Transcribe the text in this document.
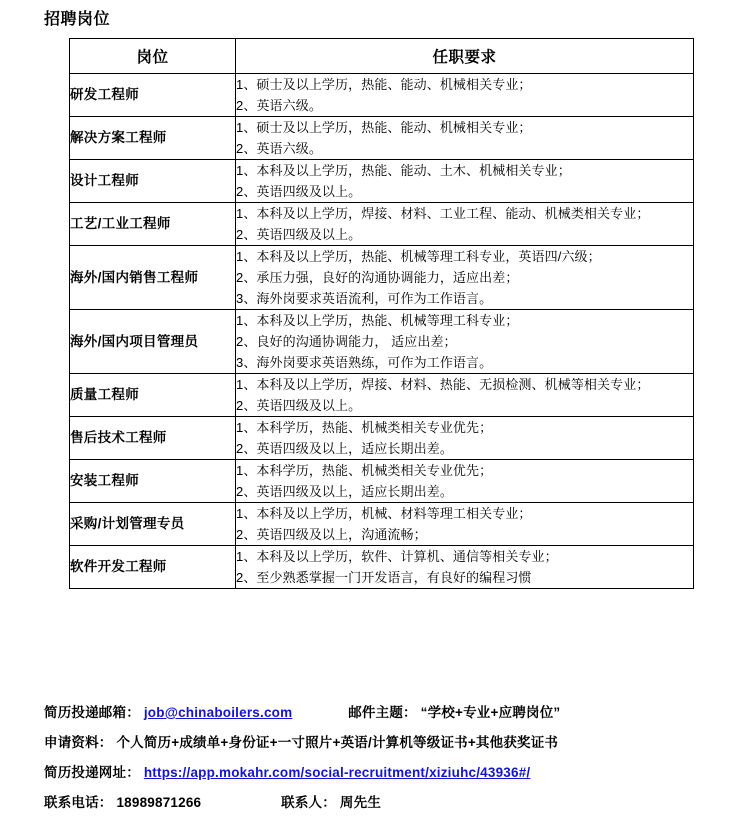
招聘岗位
岗位	任职要求
研发工程师	1、硕士及以上学历，热能、能动、机械相关专业；
2、英语六级。

解决方案工程师	1、硕士及以上学历，热能、能动、机械相关专业；
2、英语六级。

设计工程师	1、本科及以上学历，热能、能动、土木、机械相关专业；
2、英语四级及以上。

工艺/工业工程师	1、本科及以上学历，焊接、材料、工业工程、能动、机械类相关专业；
2、英语四级及以上。

海外/国内销售工程师	1、本科及以上学历，热能、机械等理工科专业，英语四/六级；
2、承压力强，良好的沟通协调能力，适应出差；
3、海外岗要求英语流利，可作为工作语言。

海外/国内项目管理员	1、本科及以上学历，热能、机械等理工科专业；
2、良好的沟通协调能力， 适应出差；
3、海外岗要求英语熟练，可作为工作语言。

质量工程师	1、本科及以上学历，焊接、材料、热能、无损检测、机械等相关专业；
2、英语四级及以上。

售后技术工程师	1、本科学历，热能、机械类相关专业优先；
2、英语四级及以上，适应长期出差。

安装工程师	1、本科学历，热能、机械类相关专业优先；
2、英语四级及以上，适应长期出差。

采购/计划管理专员	1、本科及以上学历，机械、材料等理工相关专业；
2、英语四级及以上，沟通流畅；

软件开发工程师	1、本科及以上学历，软件、计算机、通信等相关专业；
2、至少熟悉掌握一门开发语言，有良好的编程习惯
简历投递邮箱： job@chinaboilers.com	邮件主题： “学校+专业+应聘岗位”
申请资料： 个人简历+成绩单+身份证+一寸照片+英语/计算机等级证书+其他获奖证书
简历投递网址： https://app.mokahr.com/social-recruitment/xiziuhc/43936#/
联系电话： 18989871266	联系人： 周先生
